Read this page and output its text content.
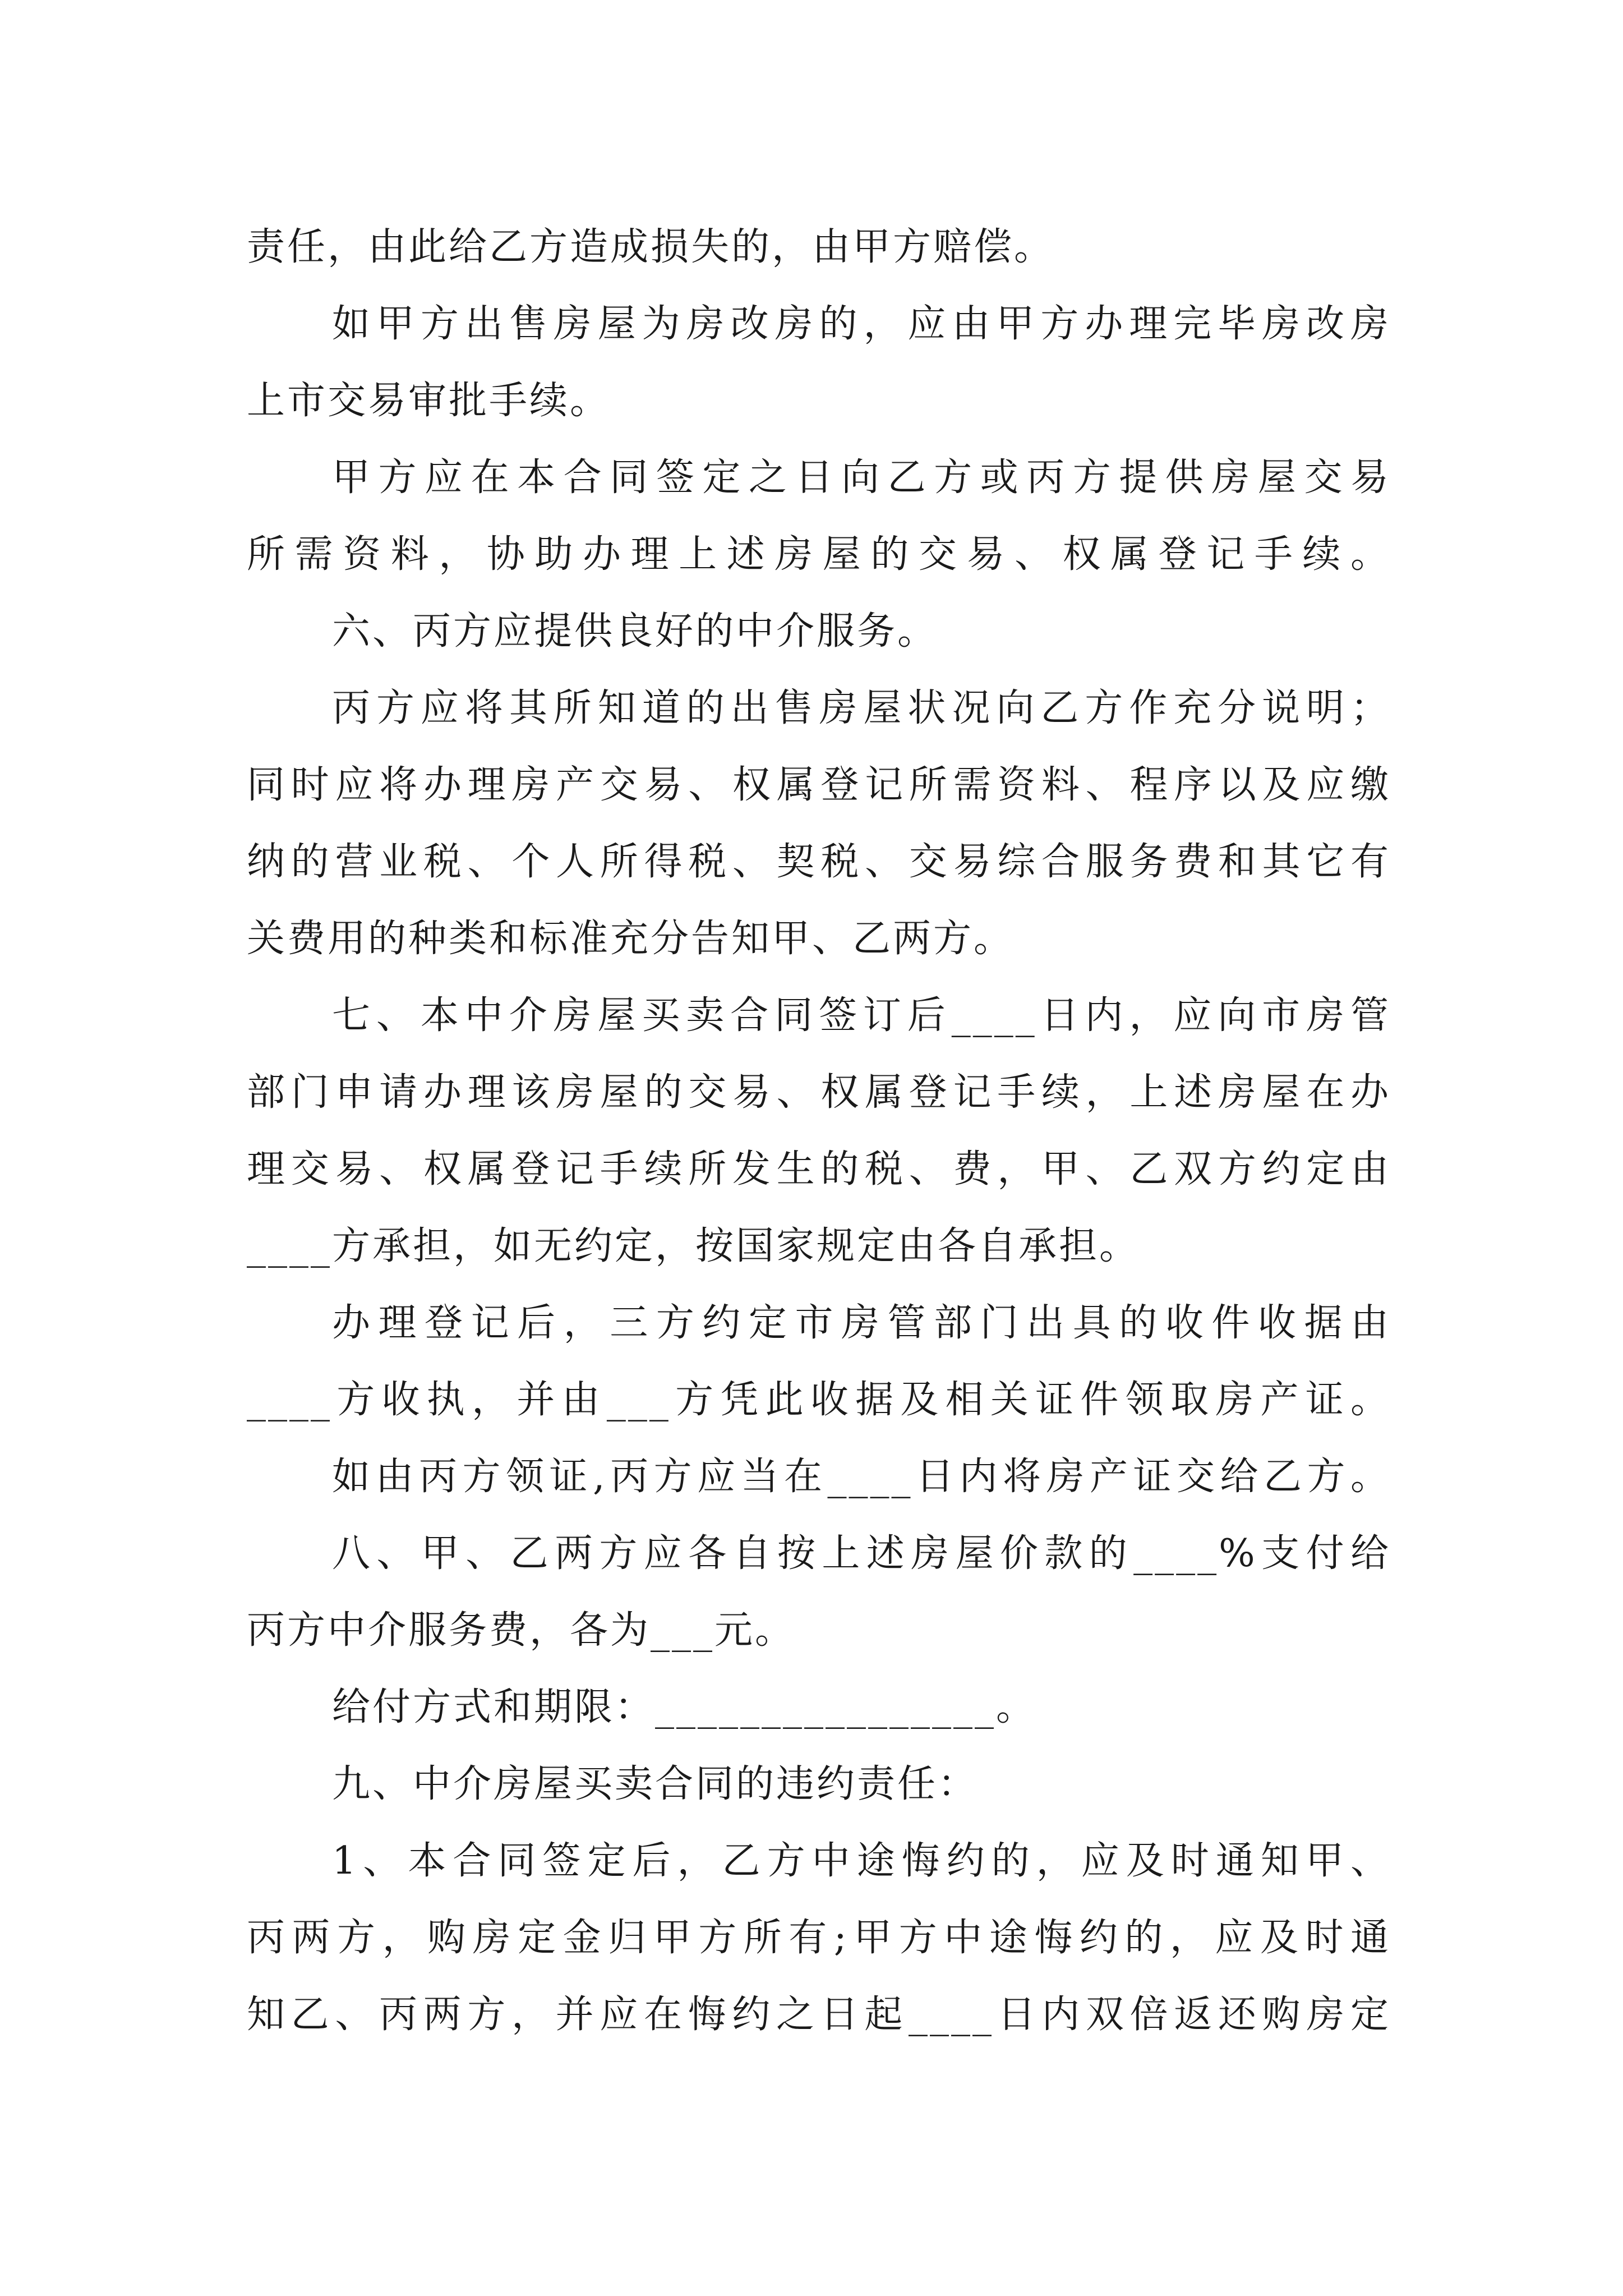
责任，由此给乙方造成损失的，由甲方赔偿。
如甲方出售房屋为房改房的，应由甲方办理完毕房改房
上市交易审批手续。
甲方应在本合同签定之日向乙方或丙方提供房屋交易
所需资料，协助办理上述房屋的交易、权属登记手续。
六、丙方应提供良好的中介服务。
丙方应将其所知道的出售房屋状况向乙方作充分说明；
同时应将办理房产交易、权属登记所需资料、程序以及应缴
纳的营业税、个人所得税、契税、交易综合服务费和其它有
关费用的种类和标准充分告知甲、乙两方。
七、本中介房屋买卖合同签订后____日内，应向市房管
部门申请办理该房屋的交易、权属登记手续，上述房屋在办
理交易、权属登记手续所发生的税、费，甲、乙双方约定由
____方承担，如无约定，按国家规定由各自承担。
办理登记后，三方约定市房管部门出具的收件收据由
____方收执，并由___方凭此收据及相关证件领取房产证。
如由丙方领证,丙方应当在____日内将房产证交给乙方。
八、甲、乙两方应各自按上述房屋价款的____%支付给
丙方中介服务费，各为___元。
给付方式和期限：________________。
九、中介房屋买卖合同的违约责任：
1、本合同签定后，乙方中途悔约的，应及时通知甲、
丙两方，购房定金归甲方所有;甲方中途悔约的，应及时通
知乙、丙两方，并应在悔约之日起____日内双倍返还购房定
